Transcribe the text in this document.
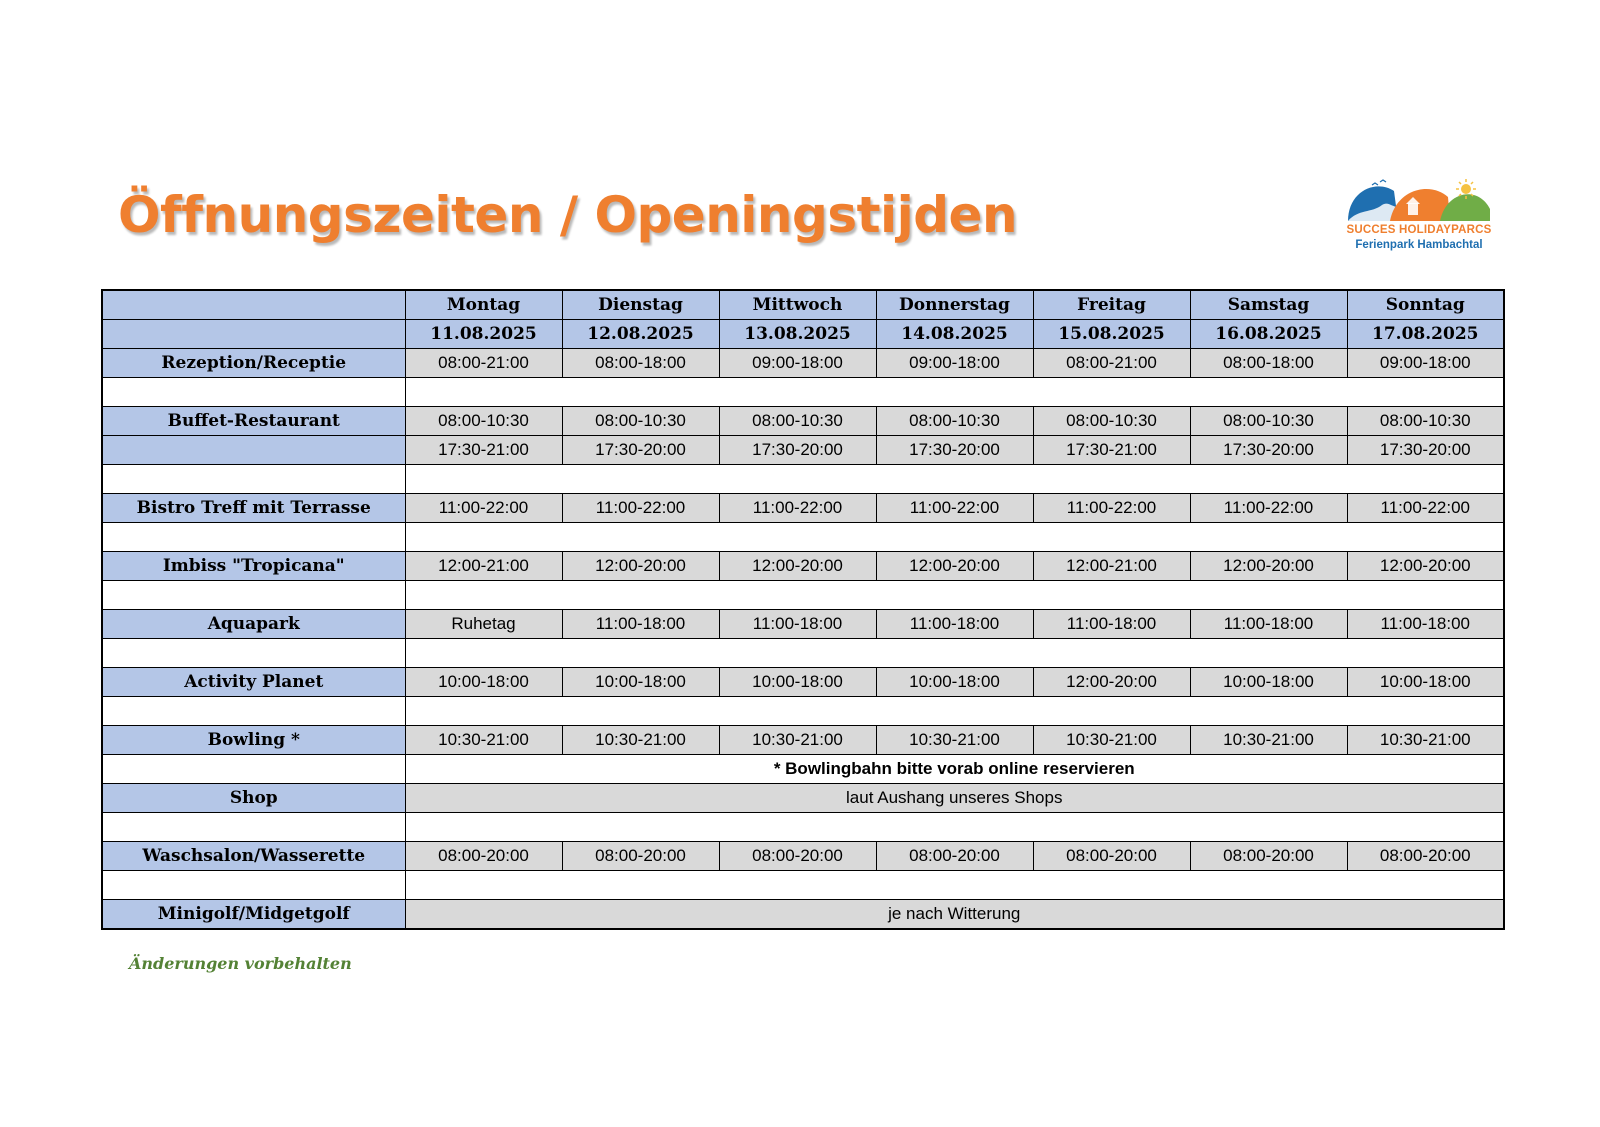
Öffnungszeiten / Openingstijden	SUCCES HOLIDAYPARCS
Ferienpark Hambachtal
	Montag	Dienstag	Mittwoch	Donnerstag	Freitag	Samstag	Sonntag
	11.08.2025	12.08.2025	13.08.2025	14.08.2025	15.08.2025	16.08.2025	17.08.2025
Rezeption/Receptie	08:00-21:00	08:00-18:00	09:00-18:00	09:00-18:00	08:00-21:00	08:00-18:00	09:00-18:00

Buffet-Restaurant	08:00-10:30	08:00-10:30	08:00-10:30	08:00-10:30	08:00-10:30	08:00-10:30	08:00-10:30
	17:30-21:00	17:30-20:00	17:30-20:00	17:30-20:00	17:30-21:00	17:30-20:00	17:30-20:00

Bistro Treff mit Terrasse	11:00-22:00	11:00-22:00	11:00-22:00	11:00-22:00	11:00-22:00	11:00-22:00	11:00-22:00

Imbiss "Tropicana"	12:00-21:00	12:00-20:00	12:00-20:00	12:00-20:00	12:00-21:00	12:00-20:00	12:00-20:00

Aquapark	Ruhetag	11:00-18:00	11:00-18:00	11:00-18:00	11:00-18:00	11:00-18:00	11:00-18:00

Activity Planet	10:00-18:00	10:00-18:00	10:00-18:00	10:00-18:00	12:00-20:00	10:00-18:00	10:00-18:00

Bowling *	10:30-21:00	10:30-21:00	10:30-21:00	10:30-21:00	10:30-21:00	10:30-21:00	10:30-21:00
	* Bowlingbahn bitte vorab online reservieren						
Shop	laut Aushang unseres Shops						

Waschsalon/Wasserette	08:00-20:00	08:00-20:00	08:00-20:00	08:00-20:00	08:00-20:00	08:00-20:00	08:00-20:00

Minigolf/Midgetgolf	je nach Witterung						
Änderungen vorbehalten
